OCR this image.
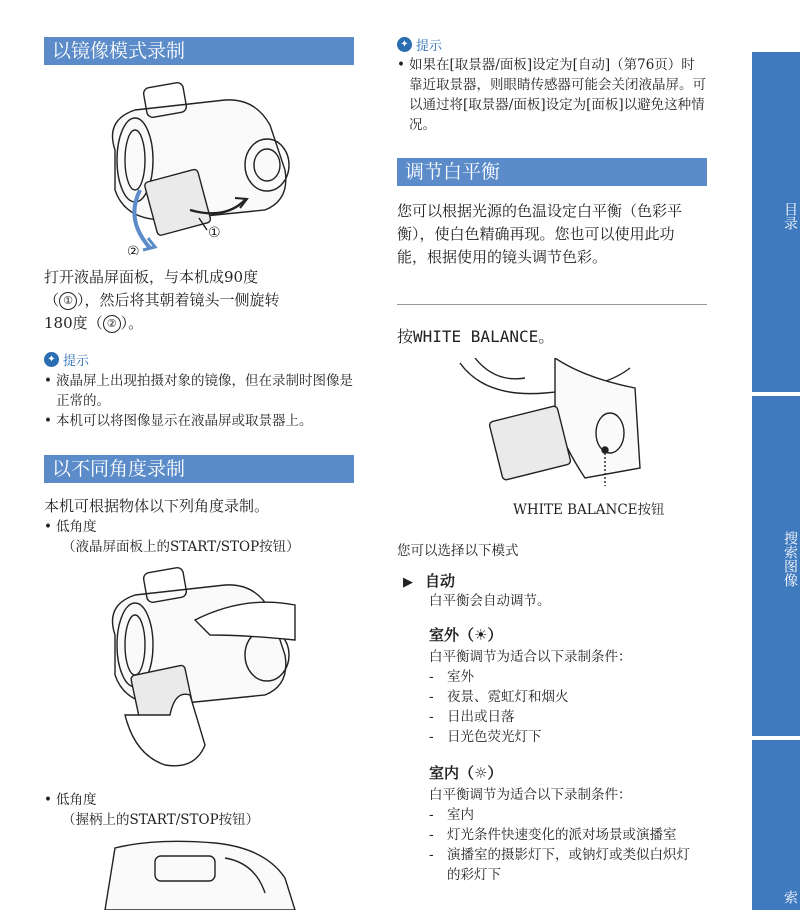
以镜像模式录制
①
②
打开液晶屏面板，与本机成90度
（ ① ），然后将其朝着镜头一侧旋转
180度（ ② ）。
✦ 提示
• 液晶屏上出现拍摄对象的镜像，但在录制时图像是正常的。
• 本机可以将图像显示在液晶屏或取景器上。
以不同角度录制
本机可根据物体以下列角度录制。
• 低角度
（液晶屏面板上的START/STOP按钮）
• 低角度
（握柄上的START/STOP按钮）
✦ 提示
• 如果在[取景器/面板]设定为[自动]（第76页）时靠近取景器，则眼睛传感器可能会关闭液晶屏。可以通过将[取景器/面板]设定为[面板]以避免这种情况。
调节白平衡
您可以根据光源的色温设定白平衡（色彩平衡），使白色精确再现。您也可以使用此功能，根据使用的镜头调节色彩。
按WHITE BALANCE。
WHITE BALANCE按钮
您可以选择以下模式
▶ 自动
白平衡会自动调节。
室外（☀）
白平衡调节为适合以下录制条件：
- 室外
- 夜景、霓虹灯和烟火
- 日出或日落
- 日光色荧光灯下
室内（☼）
白平衡调节为适合以下录制条件：
- 室内
- 灯光条件快速变化的派对场景或演播室
- 演播室的摄影灯下，或钠灯或类似白炽灯的彩灯下
目录
搜索图像
索
